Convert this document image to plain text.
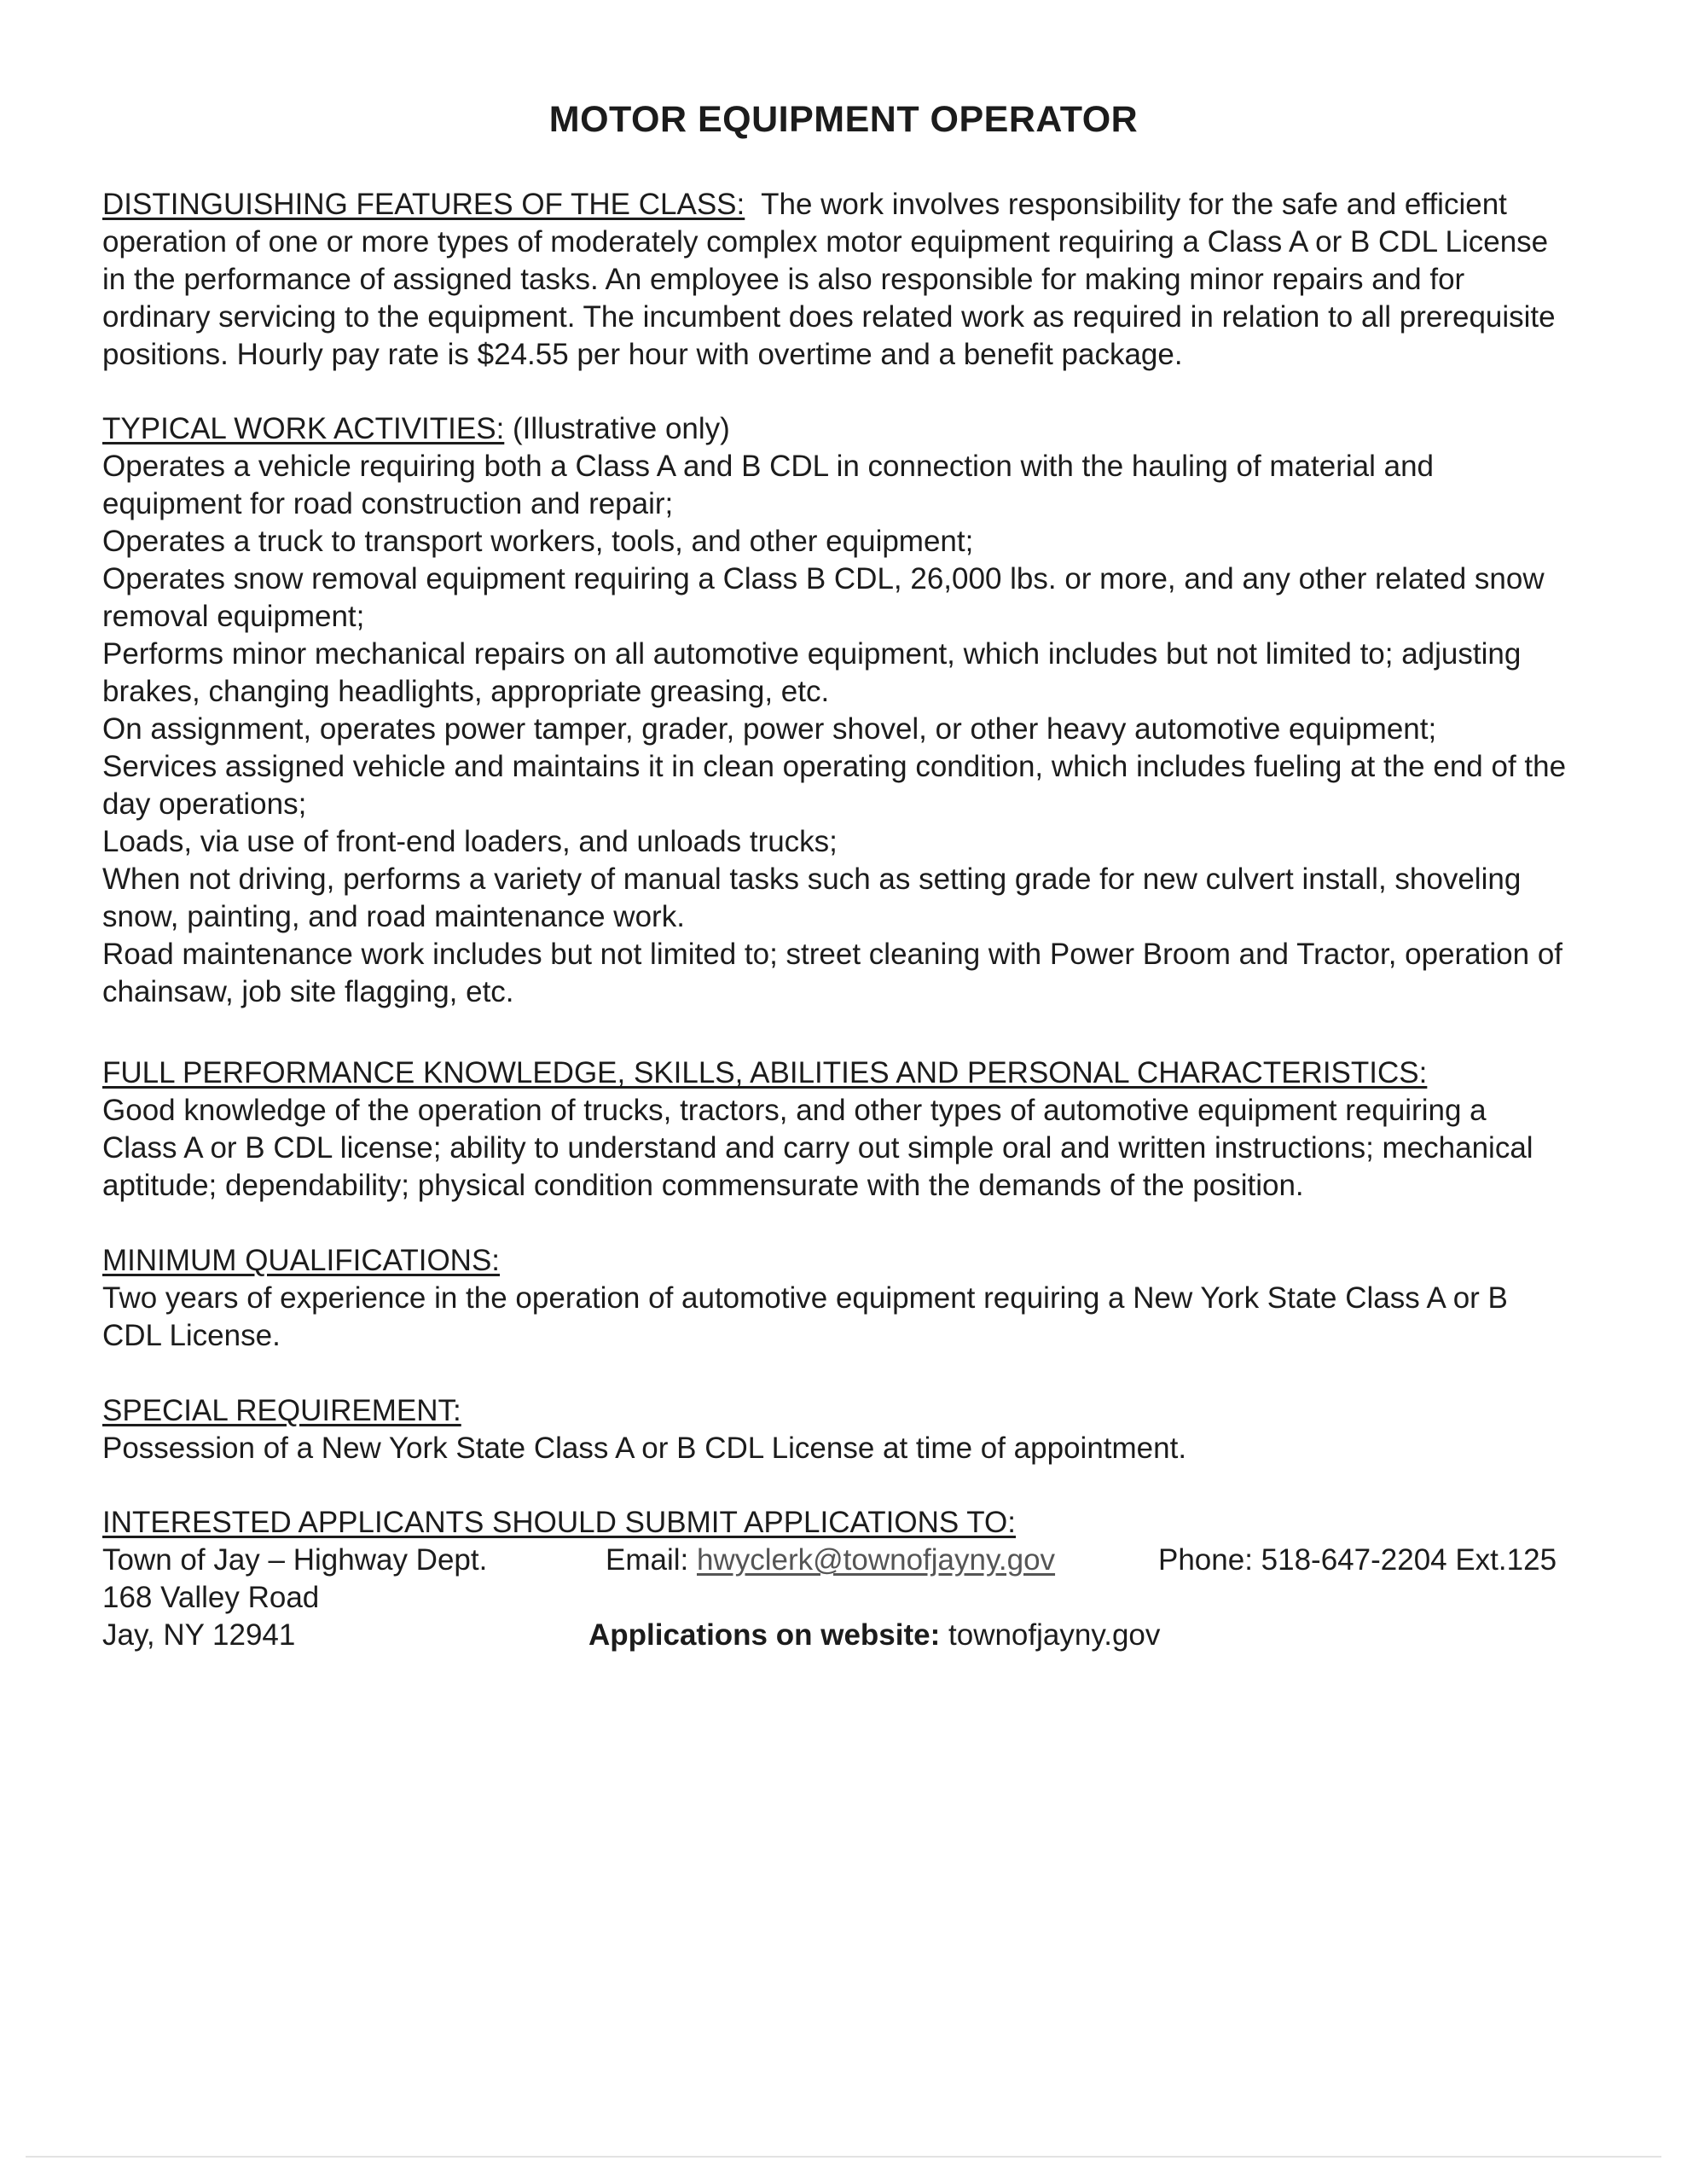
MOTOR EQUIPMENT OPERATOR
DISTINGUISHING FEATURES OF THE CLASS: The work involves responsibility for the safe and efficient
operation of one or more types of moderately complex motor equipment requiring a Class A or B CDL License
in the performance of assigned tasks. An employee is also responsible for making minor repairs and for
ordinary servicing to the equipment. The incumbent does related work as required in relation to all prerequisite
positions. Hourly pay rate is $24.55 per hour with overtime and a benefit package.
TYPICAL WORK ACTIVITIES: (Illustrative only)
Operates a vehicle requiring both a Class A and B CDL in connection with the hauling of material and
equipment for road construction and repair;
Operates a truck to transport workers, tools, and other equipment;
Operates snow removal equipment requiring a Class B CDL, 26,000 lbs. or more, and any other related snow
removal equipment;
Performs minor mechanical repairs on all automotive equipment, which includes but not limited to; adjusting
brakes, changing headlights, appropriate greasing, etc.
On assignment, operates power tamper, grader, power shovel, or other heavy automotive equipment;
Services assigned vehicle and maintains it in clean operating condition, which includes fueling at the end of the
day operations;
Loads, via use of front-end loaders, and unloads trucks;
When not driving, performs a variety of manual tasks such as setting grade for new culvert install, shoveling
snow, painting, and road maintenance work.
Road maintenance work includes but not limited to; street cleaning with Power Broom and Tractor, operation of
chainsaw, job site flagging, etc.
FULL PERFORMANCE KNOWLEDGE, SKILLS, ABILITIES AND PERSONAL CHARACTERISTICS:
Good knowledge of the operation of trucks, tractors, and other types of automotive equipment requiring a
Class A or B CDL license; ability to understand and carry out simple oral and written instructions; mechanical
aptitude; dependability; physical condition commensurate with the demands of the position.
MINIMUM QUALIFICATIONS:
Two years of experience in the operation of automotive equipment requiring a New York State Class A or B
CDL License.
SPECIAL REQUIREMENT:
Possession of a New York State Class A or B CDL License at time of appointment.
INTERESTED APPLICANTS SHOULD SUBMIT APPLICATIONS TO:
Town of Jay – Highway Dept.
168 Valley Road
Jay, NY 12941
Email: hwyclerk@townofjayny.gov	Phone: 518-647-2204 Ext.125
Applications on website: townofjayny.gov
